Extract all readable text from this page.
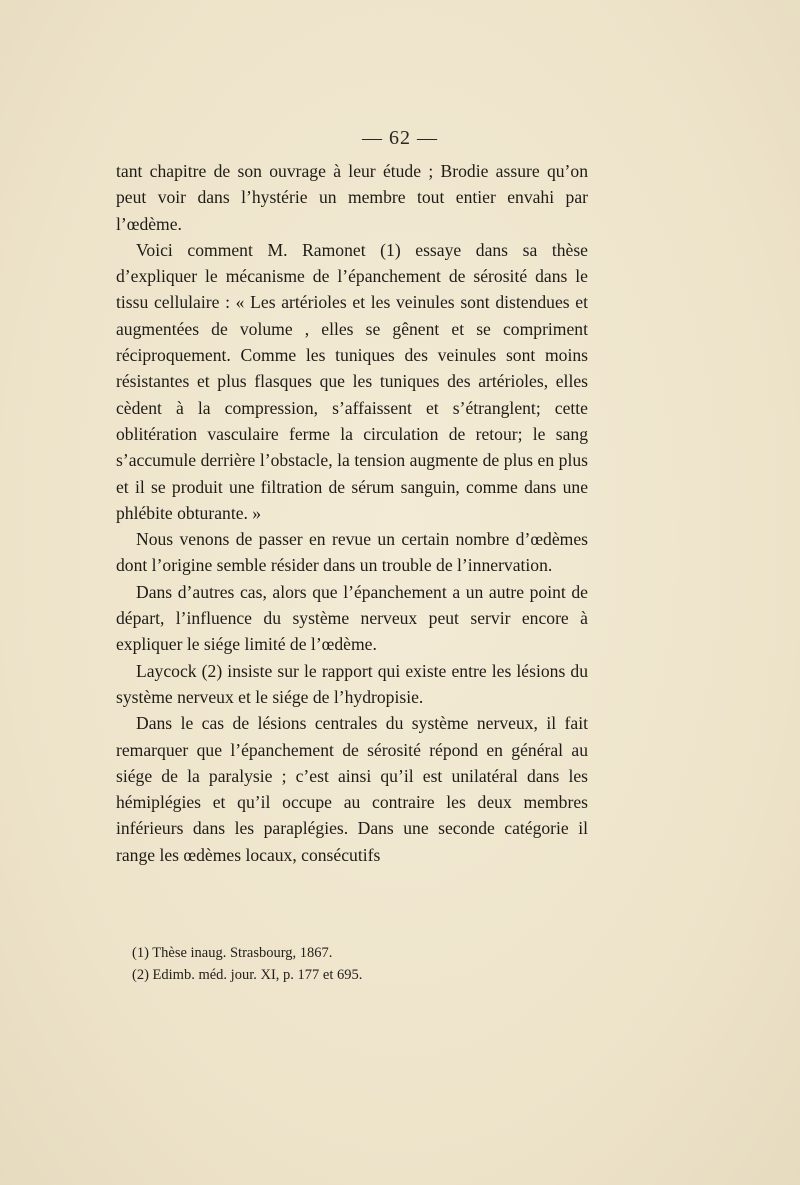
— 62 —

tant chapitre de son ouvrage à leur étude ; Brodie assure qu’on peut voir dans l’hystérie un membre tout entier envahi par l’œdème.

Voici comment M. Ramonet (1) essaye dans sa thèse d’expliquer le mécanisme de l’épanchement de sérosité dans le tissu cellulaire : « Les artérioles et les veinules sont distendues et augmentées de volume , elles se gênent et se compriment réciproquement. Comme les tuniques des veinules sont moins résistantes et plus flasques que les tuniques des artérioles, elles cèdent à la compression, s’affaissent et s’étranglent; cette oblitération vasculaire ferme la circulation de retour; le sang s’accumule derrière l’obstacle, la tension augmente de plus en plus et il se produit une filtration de sérum sanguin, comme dans une phlébite obturante. »

Nous venons de passer en revue un certain nombre d’œdèmes dont l’origine semble résider dans un trouble de l’innervation.

Dans d’autres cas, alors que l’épanchement a un autre point de départ, l’influence du système nerveux peut servir encore à expliquer le siége limité de l’œdème.

Laycock (2) insiste sur le rapport qui existe entre les lésions du système nerveux et le siége de l’hydropisie.

Dans le cas de lésions centrales du système nerveux, il fait remarquer que l’épanchement de sérosité répond en général au siége de la paralysie ; c’est ainsi qu’il est unilatéral dans les hémiplégies et qu’il occupe au contraire les deux membres inférieurs dans les paraplégies. Dans une seconde catégorie il range les œdèmes locaux, consécutifs

(1) Thèse inaug. Strasbourg, 1867.

(2) Edimb. méd. jour. XI, p. 177 et 695.
